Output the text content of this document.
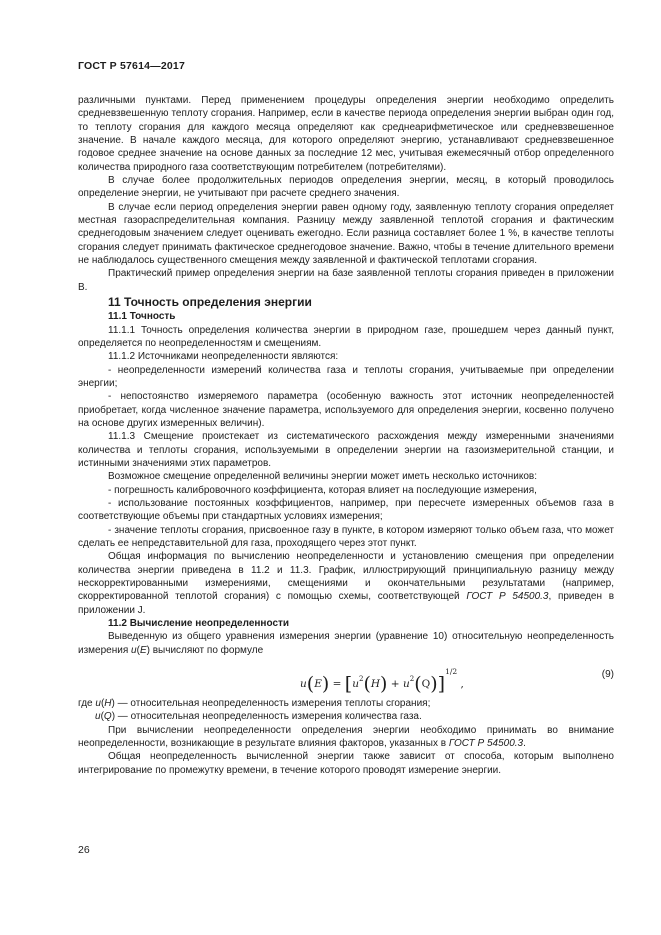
ГОСТ Р 57614—2017

различными пунктами. Перед применением процедуры определения энергии необходимо определить средневзвешенную теплоту сгорания. Например, если в качестве периода определения энергии выбран один год, то теплоту сгорания для каждого месяца определяют как среднеарифметическое или средневзвешенное значение. В начале каждого месяца, для которого определяют энергию, устанавливают средневзвешенное годовое среднее значение на основе данных за последние 12 мес, учитывая ежемесячный отбор определенного количества природного газа соответствующим потребителем (потребителями).

В случае более продолжительных периодов определения энергии, месяц, в который проводилось определение энергии, не учитывают при расчете среднего значения.

В случае если период определения энергии равен одному году, заявленную теплоту сгорания определяет местная газораспределительная компания. Разницу между заявленной теплотой сгорания и фактическим среднегодовым значением следует оценивать ежегодно. Если разница составляет более 1 %, в качестве теплоты сгорания следует принимать фактическое среднегодовое значение. Важно, чтобы в течение длительного времени не наблюдалось существенного смещения между заявленной и фактической теплотами сгорания.

Практический пример определения энергии на базе заявленной теплоты сгорания приведен в приложении В.

11 Точность определения энергии

11.1 Точность

11.1.1 Точность определения количества энергии в природном газе, прошедшем через данный пункт, определяется по неопределенностям и смещениям.

11.1.2 Источниками неопределенности являются:

- неопределенности измерений количества газа и теплоты сгорания, учитываемые при определении энергии;

- непостоянство измеряемого параметра (особенную важность этот источник неопределенностей приобретает, когда численное значение параметра, используемого для определения энергии, косвенно получено на основе других измеренных величин).

11.1.3 Смещение проистекает из систематического расхождения между измеренными значениями количества и теплоты сгорания, используемыми в определении энергии на газоизмерительной станции, и истинными значениями этих параметров.

Возможное смещение определенной величины энергии может иметь несколько источников:

- погрешность калибровочного коэффициента, которая влияет на последующие измерения,

- использование постоянных коэффициентов, например, при пересчете измеренных объемов газа в соответствующие объемы при стандартных условиях измерения;

- значение теплоты сгорания, присвоенное газу в пункте, в котором измеряют только объем газа, что может сделать ее непредставительной для газа, проходящего через этот пункт.

Общая информация по вычислению неопределенности и установлению смещения при определении количества энергии приведена в 11.2 и 11.3. График, иллюстрирующий принципиальную разницу между нескорректированными измерениями, смещениями и окончательными результатами (например, скорректированной теплотой сгорания) с помощью схемы, соответствующей ГОСТ Р 54500.3, приведен в приложении J.

11.2 Вычисление неопределенности

Выведенную из общего уравнения измерения энергии (уравнение 10) относительную неопределенность измерения u(E) вычисляют по формуле

$u(E) = [u^2(H) + u^2(Q)]^{1/2}$ ,
(9)

где u(H) — относительная неопределенность измерения теплоты сгорания;

u(Q) — относительная неопределенность измерения количества газа.

При вычислении неопределенности определения энергии необходимо принимать во внимание неопределенности, возникающие в результате влияния факторов, указанных в ГОСТ Р 54500.3.

Общая неопределенность вычисленной энергии также зависит от способа, которым выполнено интегрирование по промежутку времени, в течение которого проводят измерение энергии.

26
